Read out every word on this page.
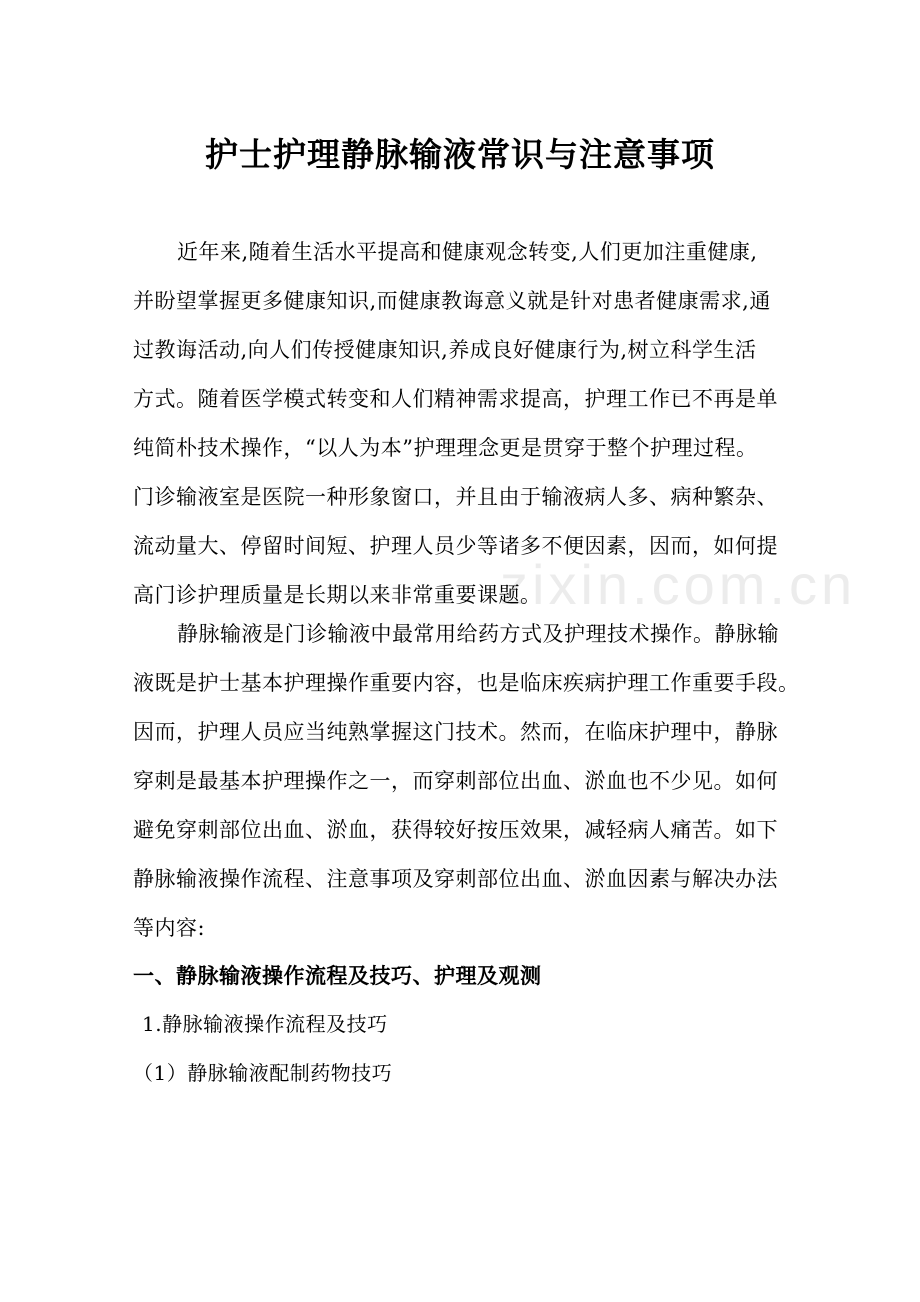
zixin.com.cn
护士护理静脉输液常识与注意事项
近年来,随着生活水平提高和健康观念转变,人们更加注重健康,
并盼望掌握更多健康知识,而健康教诲意义就是针对患者健康需求,通
过教诲活动,向人们传授健康知识,养成良好健康行为,树立科学生活
方式。随着医学模式转变和人们精神需求提高，护理工作已不再是单
纯简朴技术操作，“以人为本”护理理念更是贯穿于整个护理过程。
门诊输液室是医院一种形象窗口，并且由于输液病人多、病种繁杂、
流动量大、停留时间短、护理人员少等诸多不便因素，因而，如何提
高门诊护理质量是长期以来非常重要课题。
静脉输液是门诊输液中最常用给药方式及护理技术操作。静脉输
液既是护士基本护理操作重要内容，也是临床疾病护理工作重要手段。
因而，护理人员应当纯熟掌握这门技术。然而，在临床护理中，静脉
穿刺是最基本护理操作之一，而穿刺部位出血、淤血也不少见。如何
避免穿刺部位出血、淤血，获得较好按压效果，减轻病人痛苦。如下
静脉输液操作流程、注意事项及穿刺部位出血、淤血因素与解决办法
等内容:
一、静脉输液操作流程及技巧、护理及观测

1.静脉输液操作流程及技巧

（1）静脉输液配制药物技巧
